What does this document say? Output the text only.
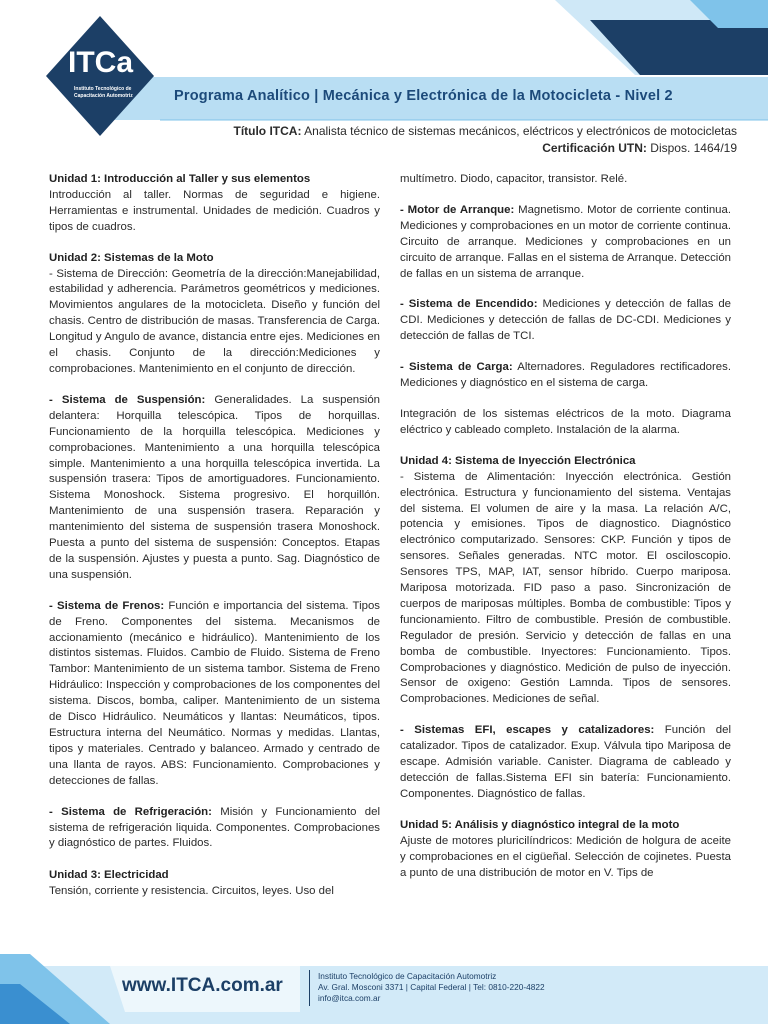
ITCa
Instituto Tecnológico de
Capacitación Automotriz	Programa Analítico | Mecánica y Electrónica de la Motocicleta - Nivel 2
Título ITCA: Analista técnico de sistemas mecánicos, eléctricos y electrónicos de motocicletas
Certificación UTN: Dispos. 1464/19

Unidad 1: Introducción al Taller y sus elementos

Introducción al taller. Normas de seguridad e higiene. Herramientas e instrumental. Unidades de medición. Cuadros y tipos de cuadros.

Unidad 2: Sistemas de la Moto

- Sistema de Dirección: Geometría de la dirección:Manejabilidad, estabilidad y adherencia. Parámetros geométricos y mediciones. Movimientos angulares de la motocicleta. Diseño y función del chasis. Centro de distribución de masas. Transferencia de Carga. Longitud y Angulo de avance, distancia entre ejes. Mediciones en el chasis. Conjunto de la dirección:Mediciones y comprobaciones. Mantenimiento en el conjunto de dirección.

- Sistema de Suspensión: Generalidades. La suspensión delantera: Horquilla telescópica. Tipos de horquillas. Funcionamiento de la horquilla telescópica. Mediciones y comprobaciones. Mantenimiento a una horquilla telescópica simple. Mantenimiento a una horquilla telescópica invertida. La suspensión trasera: Tipos de amortiguadores. Funcionamiento. Sistema Monoshock. Sistema progresivo. El horquillón. Mantenimiento de una suspensión trasera. Reparación y mantenimiento del sistema de suspensión trasera Monoshock. Puesta a punto del sistema de suspensión: Conceptos. Etapas de la suspensión. Ajustes y puesta a punto. Sag. Diagnóstico de una suspensión.

- Sistema de Frenos: Función e importancia del sistema. Tipos de Freno. Componentes del sistema. Mecanismos de accionamiento (mecánico e hidráulico). Mantenimiento de los distintos sistemas. Fluidos. Cambio de Fluido. Sistema de Freno Tambor: Mantenimiento de un sistema tambor. Sistema de Freno Hidráulico: Inspección y comprobaciones de los componentes del sistema. Discos, bomba, caliper. Mantenimiento de un sistema de Disco Hidráulico. Neumáticos y llantas: Neumáticos, tipos. Estructura interna del Neumático. Normas y medidas. Llantas, tipos y materiales. Centrado y balanceo. Armado y centrado de una llanta de rayos. ABS: Funcionamiento. Comprobaciones y detecciones de fallas.

- Sistema de Refrigeración: Misión y Funcionamiento del sistema de refrigeración liquida. Componentes. Comprobaciones y diagnóstico de partes. Fluidos.

Unidad 3: Electricidad

Tensión, corriente y resistencia. Circuitos, leyes. Uso del

multímetro. Diodo, capacitor, transistor. Relé.

- Motor de Arranque: Magnetismo. Motor de corriente continua. Mediciones y comprobaciones en un motor de corriente continua. Circuito de arranque. Mediciones y comprobaciones en un circuito de arranque. Fallas en el sistema de Arranque. Detección de fallas en un sistema de arranque.

- Sistema de Encendido: Mediciones y detección de fallas de CDI. Mediciones y detección de fallas de DC-CDI. Mediciones y detección de fallas de TCI.

- Sistema de Carga: Alternadores. Reguladores rectificadores. Mediciones y diagnóstico en el sistema de carga.

Integración de los sistemas eléctricos de la moto. Diagrama eléctrico y cableado completo. Instalación de la alarma.

Unidad 4: Sistema de Inyección Electrónica

- Sistema de Alimentación: Inyección electrónica. Gestión electrónica. Estructura y funcionamiento del sistema. Ventajas del sistema. El volumen de aire y la masa. La relación A/C, potencia y emisiones. Tipos de diagnostico. Diagnóstico electrónico computarizado. Sensores: CKP. Función y tipos de sensores. Señales generadas. NTC motor. El osciloscopio. Sensores TPS, MAP, IAT, sensor híbrido. Cuerpo mariposa. Mariposa motorizada. FID paso a paso. Sincronización de cuerpos de mariposas múltiples. Bomba de combustible: Tipos y funcionamiento. Filtro de combustible. Presión de combustible. Regulador de presión. Servicio y detección de fallas en una bomba de combustible. Inyectores: Funcionamiento. Tipos. Comprobaciones y diagnóstico. Medición de pulso de inyección. Sensor de oxigeno: Gestión Lamnda. Tipos de sensores. Comprobaciones. Mediciones de señal.

- Sistemas EFI, escapes y catalizadores: Función del catalizador. Tipos de catalizador. Exup. Válvula tipo Mariposa de escape. Admisión variable. Canister. Diagrama de cableado y detección de fallas.Sistema EFI sin batería: Funcionamiento. Componentes. Diagnóstico de fallas.

Unidad 5: Análisis y diagnóstico integral de la moto

Ajuste de motores pluricilíndricos: Medición de holgura de aceite y comprobaciones en el cigüeñal. Selección de cojinetes. Puesta a punto de una distribución de motor en V. Tips de

www.ITCA.com.ar	Instituto Tecnológico de Capacitación Automotriz
Av. Gral. Mosconi 3371 | Capital Federal | Tel: 0810-220-4822
info@itca.com.ar
